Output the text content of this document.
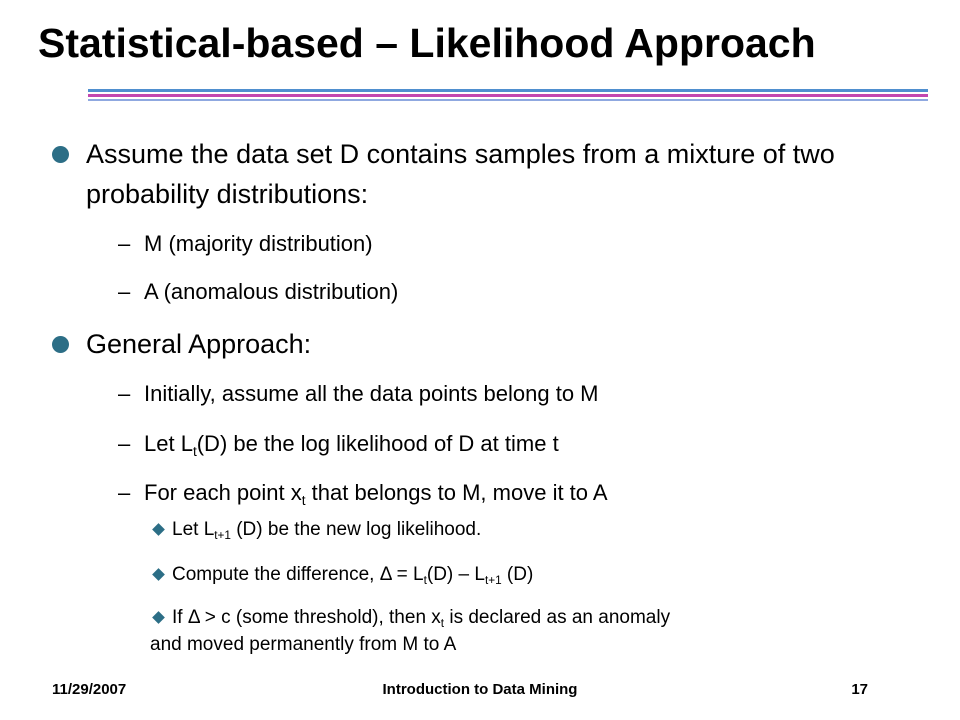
Statistical-based – Likelihood Approach
Assume the data set D contains samples from a mixture of two probability distributions:
– M (majority distribution)
– A (anomalous distribution)
General Approach:
– Initially, assume all the data points belong to M
– Let $L_t(D)$ be the log likelihood of D at time t
– For each point $x_t$ that belongs to M, move it to A
Let $L_{t+1}$ (D) be the new log likelihood.
Compute the difference, $\Delta = L_t(D) - L_{t+1}$ (D)
If Δ > c (some threshold), then $x_t$ is declared as an anomaly
and moved permanently from M to A
11/29/2007	Introduction to Data Mining	17
